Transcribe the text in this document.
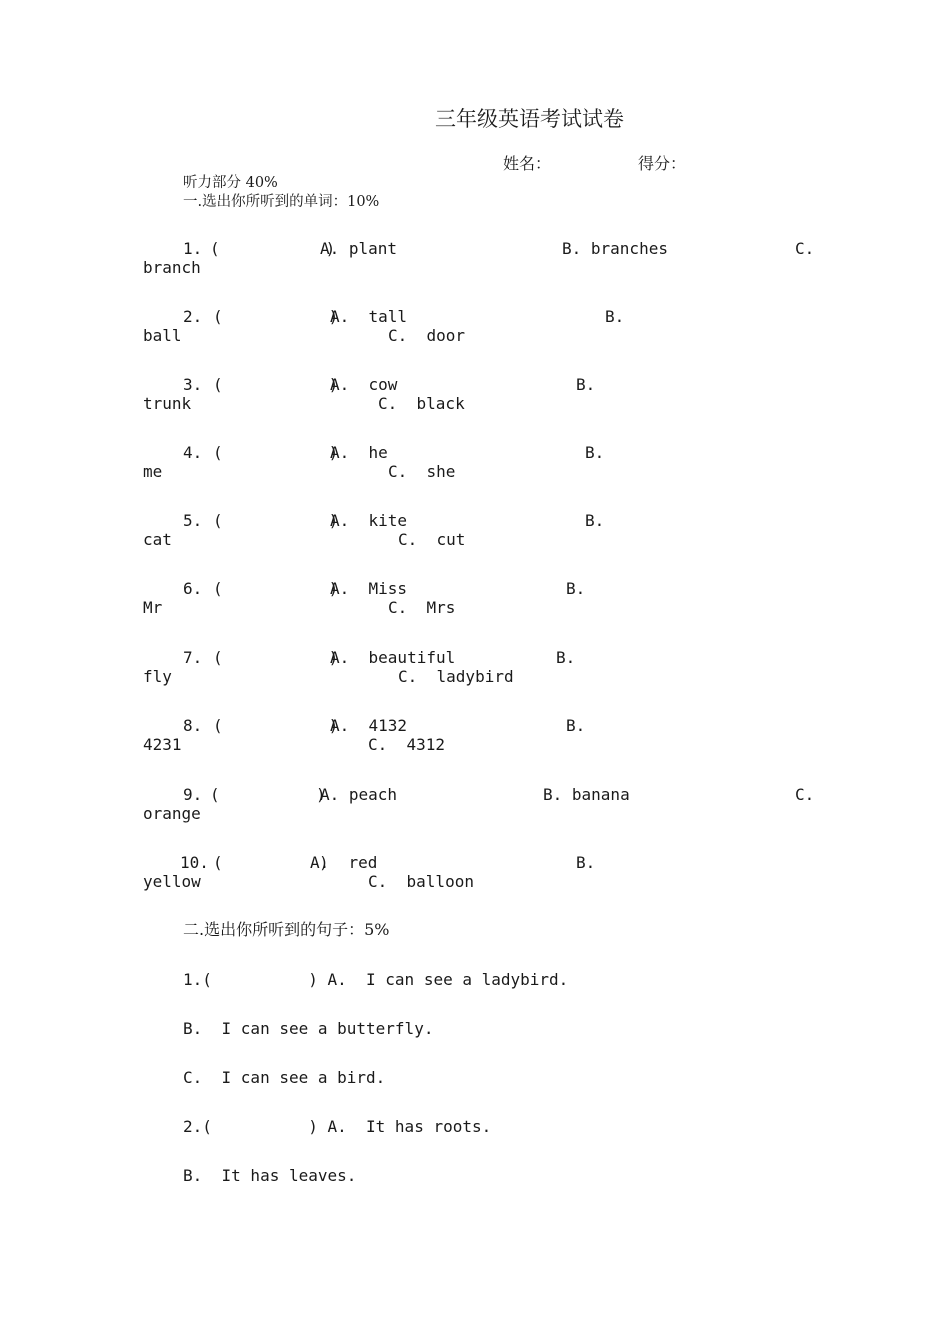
三年级英语考试试卷
姓名：	得分：
听力部分 40%
一.选出你所听到的单词：10%
1. (           )
A. plant	B. branches	C.
branch
2. (           )
A.  tall	B.
ball	C.  door
3. (           )
A.  cow	B.
trunk	C.  black
4. (           )
A.  he	B.
me	C.  she
5. (           )
A.  kite	B.
cat	C.  cut
6. (           )
A.  Miss	B.
Mr	C.  Mrs
7. (           )
A.  beautiful	B.
fly	C.  ladybird
8. (           )
A.  4132	B.
4231	C.  4312
9. (          )
A. peach	B. banana	C.
orange
10. (          )
A.  red	B.
yellow	C.  balloon
二.选出你所听到的句子：5%
1.(          ) A.  I can see a ladybird.
B.  I can see a butterfly.
C.  I can see a bird.
2.(          ) A.  It has roots.
B.  It has leaves.
